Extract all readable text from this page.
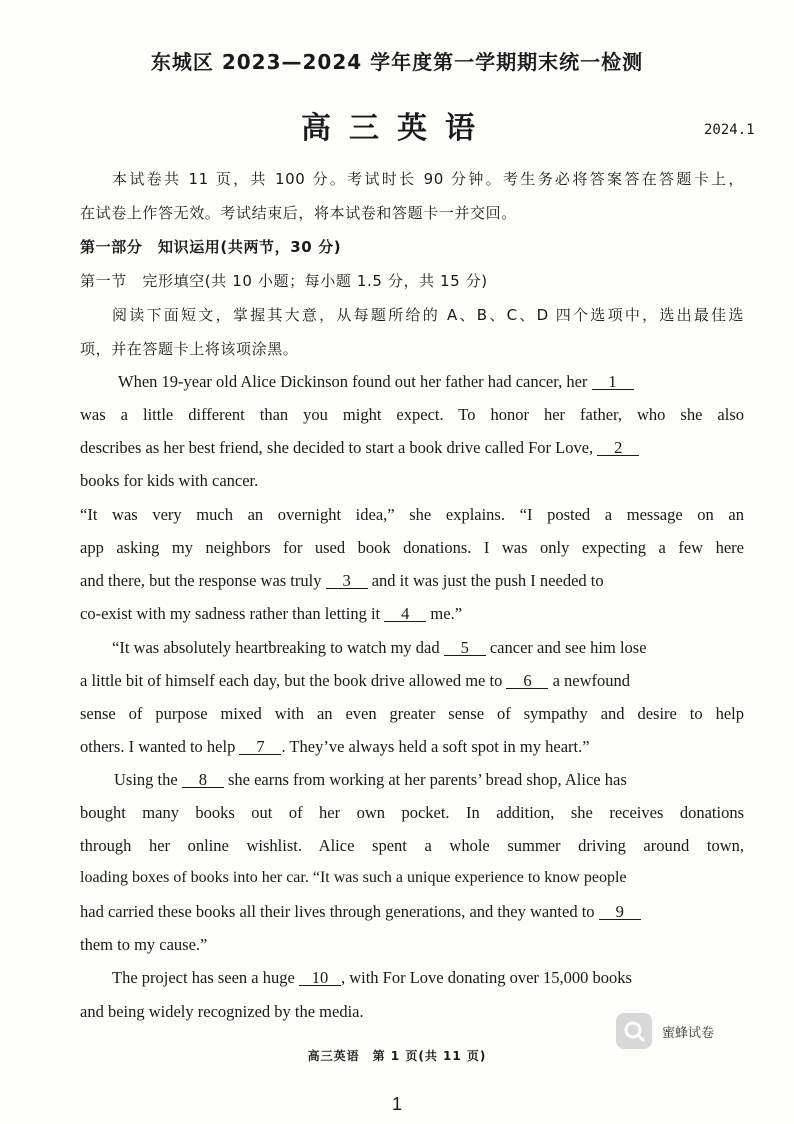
东城区 2023—2024 学年度第一学期期末统一检测
高三英语	2024.1
本试卷共 11 页，共 100 分。考试时长 90 分钟。考生务必将答案答在答题卡上，
在试卷上作答无效。考试结束后，将本试卷和答题卡一并交回。
第一部分　知识运用(共两节，30 分)
第一节　完形填空(共 10 小题；每小题 1.5 分，共 15 分)
阅读下面短文，掌握其大意，从每题所给的 A、B、C、D 四个选项中，选出最佳选
项，并在答题卡上将该项涂黑。
When 19-year old Alice Dickinson found out her father had cancer, her 1
was a little different than you might expect. To honor her father, who she also
describes as her best friend, she decided to start a book drive called For Love, 2
books for kids with cancer.
“It was very much an overnight idea,” she explains. “I posted a message on an
app asking my neighbors for used book donations. I was only expecting a few here
and there, but the response was truly 3 and it was just the push I needed to
co-exist with my sadness rather than letting it 4 me.”
“It was absolutely heartbreaking to watch my dad 5 cancer and see him lose
a little bit of himself each day, but the book drive allowed me to 6 a newfound
sense of purpose mixed with an even greater sense of sympathy and desire to help
others. I wanted to help 7 . They’ve always held a soft spot in my heart.”
Using the 8 she earns from working at her parents’ bread shop, Alice has
bought many books out of her own pocket. In addition, she receives donations
through her online wishlist. Alice spent a whole summer driving around town,
loading boxes of books into her car. “It was such a unique experience to know people
had carried these books all their lives through generations, and they wanted to 9
them to my cause.”
The project has seen a huge 10 , with For Love donating over 15,000 books
and being widely recognized by the media.
蜜蜂试卷
高三英语　第 1 页(共 11 页)
1
